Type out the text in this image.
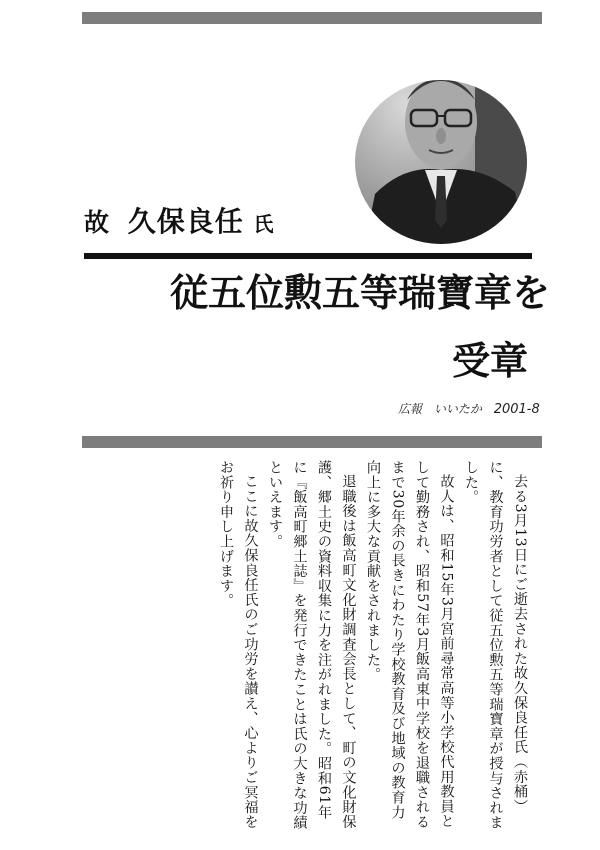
故 久保良任 氏
従五位勲五等瑞寶章を
受章
広報 いいたか 2001-8

去る3月13日にご逝去された故久保良任氏（赤桶）に、教育功労者として従五位勲五等瑞寶章が授与されました。

故人は、昭和15年3月宮前尋常高等小学校代用教員として勤務され、昭和57年3月飯高東中学校を退職されるまで30年余の長きにわたり学校教育及び地域の教育力向上に多大な貢献をされました。

退職後は飯高町文化財調査会長として、町の文化財保護、郷土史の資料収集に力を注がれました。昭和61年に『飯高町郷土誌』を発行できたことは氏の大きな功績といえます。

ここに故久保良任氏のご功労を讃え、心よりご冥福をお祈り申し上げます。
